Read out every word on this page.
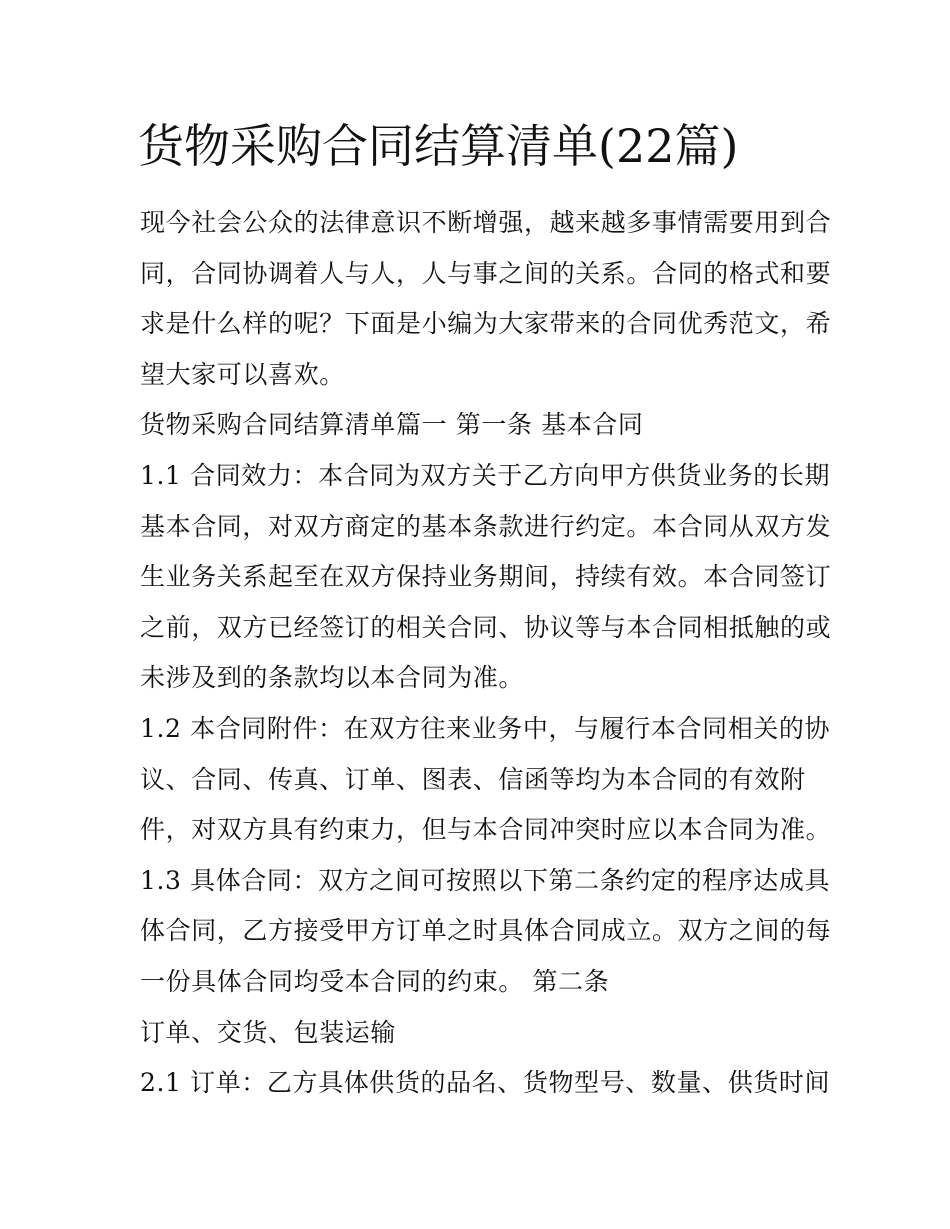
货物采购合同结算清单(22篇)
现今社会公众的法律意识不断增强，越来越多事情需要用到合
同，合同协调着人与人，人与事之间的关系。合同的格式和要
求是什么样的呢？下面是小编为大家带来的合同优秀范文，希
望大家可以喜欢。
货物采购合同结算清单篇一 第一条 基本合同
1.1 合同效力：本合同为双方关于乙方向甲方供货业务的长期
基本合同，对双方商定的基本条款进行约定。本合同从双方发
生业务关系起至在双方保持业务期间，持续有效。本合同签订
之前，双方已经签订的相关合同、协议等与本合同相抵触的或
未涉及到的条款均以本合同为准。
1.2 本合同附件：在双方往来业务中，与履行本合同相关的协
议、合同、传真、订单、图表、信函等均为本合同的有效附
件，对双方具有约束力，但与本合同冲突时应以本合同为准。
1.3 具体合同：双方之间可按照以下第二条约定的程序达成具
体合同，乙方接受甲方订单之时具体合同成立。双方之间的每
一份具体合同均受本合同的约束。 第二条
订单、交货、包装运输
2.1 订单：乙方具体供货的品名、货物型号、数量、供货时间
